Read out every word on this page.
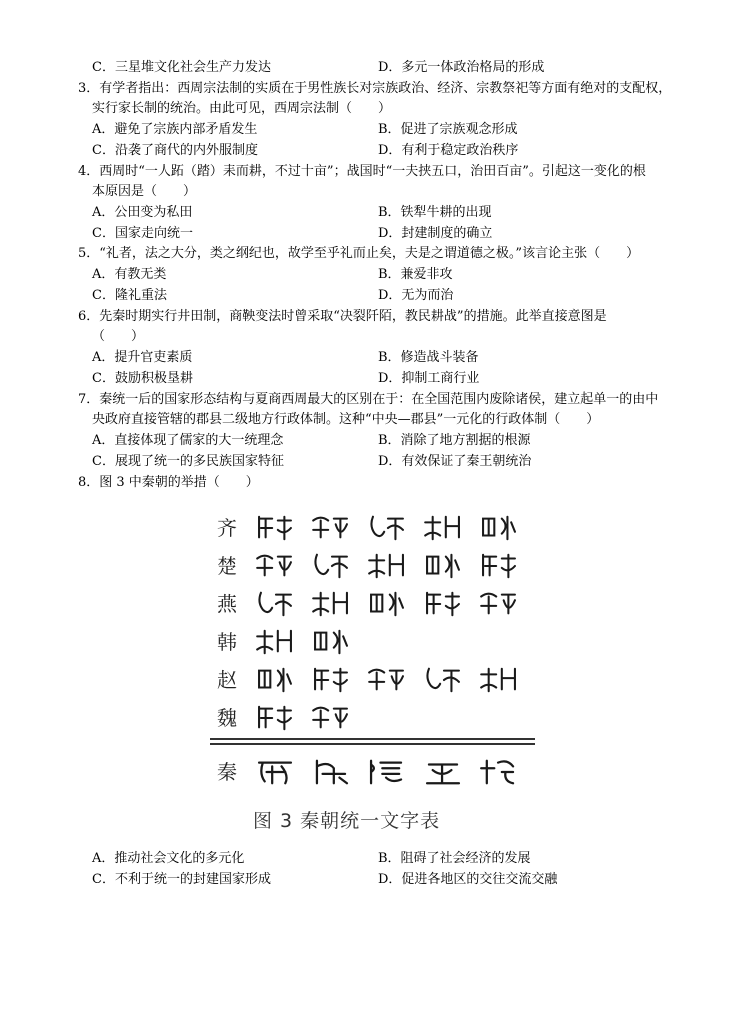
C．三星堆文化社会生产力发达	D．多元一体政治格局的形成
3．有学者指出：西周宗法制的实质在于男性族长对宗族政治、经济、宗教祭祀等方面有绝对的支配权，
实行家长制的统治。由此可见，西周宗法制（　　）
A．避免了宗族内部矛盾发生	B．促进了宗族观念形成
C．沿袭了商代的内外服制度	D．有利于稳定政治秩序
4．西周时“一人跖（踏）耒而耕，不过十亩”；战国时“一夫挟五口，治田百亩”。引起这一变化的根
本原因是（　　）
A．公田变为私田	B．铁犁牛耕的出现
C．国家走向统一	D．封建制度的确立
5．“礼者，法之大分，类之纲纪也，故学至乎礼而止矣，夫是之谓道德之极。”该言论主张（　　）
A．有教无类	B．兼爱非攻
C．隆礼重法	D．无为而治
6．先秦时期实行井田制，商鞅变法时曾采取“决裂阡陌，教民耕战”的措施。此举直接意图是
（　　）
A．提升官吏素质	B．修造战斗装备
C．鼓励积极垦耕	D．抑制工商行业
7．秦统一后的国家形态结构与夏商西周最大的区别在于：在全国范围内废除诸侯，建立起单一的由中
央政府直接管辖的郡县二级地方行政体制。这种“中央—郡县”一元化的行政体制（　　）
A．直接体现了儒家的大一统理念	B．消除了地方割据的根源
C．展现了统一的多民族国家特征	D．有效保证了秦王朝统治
8．图 3 中秦朝的举措（　　）
齐
楚
燕
韩
赵
魏
秦
图 3 秦朝统一文字表
A．推动社会文化的多元化	B．阻碍了社会经济的发展
C．不利于统一的封建国家形成	D．促进各地区的交往交流交融
